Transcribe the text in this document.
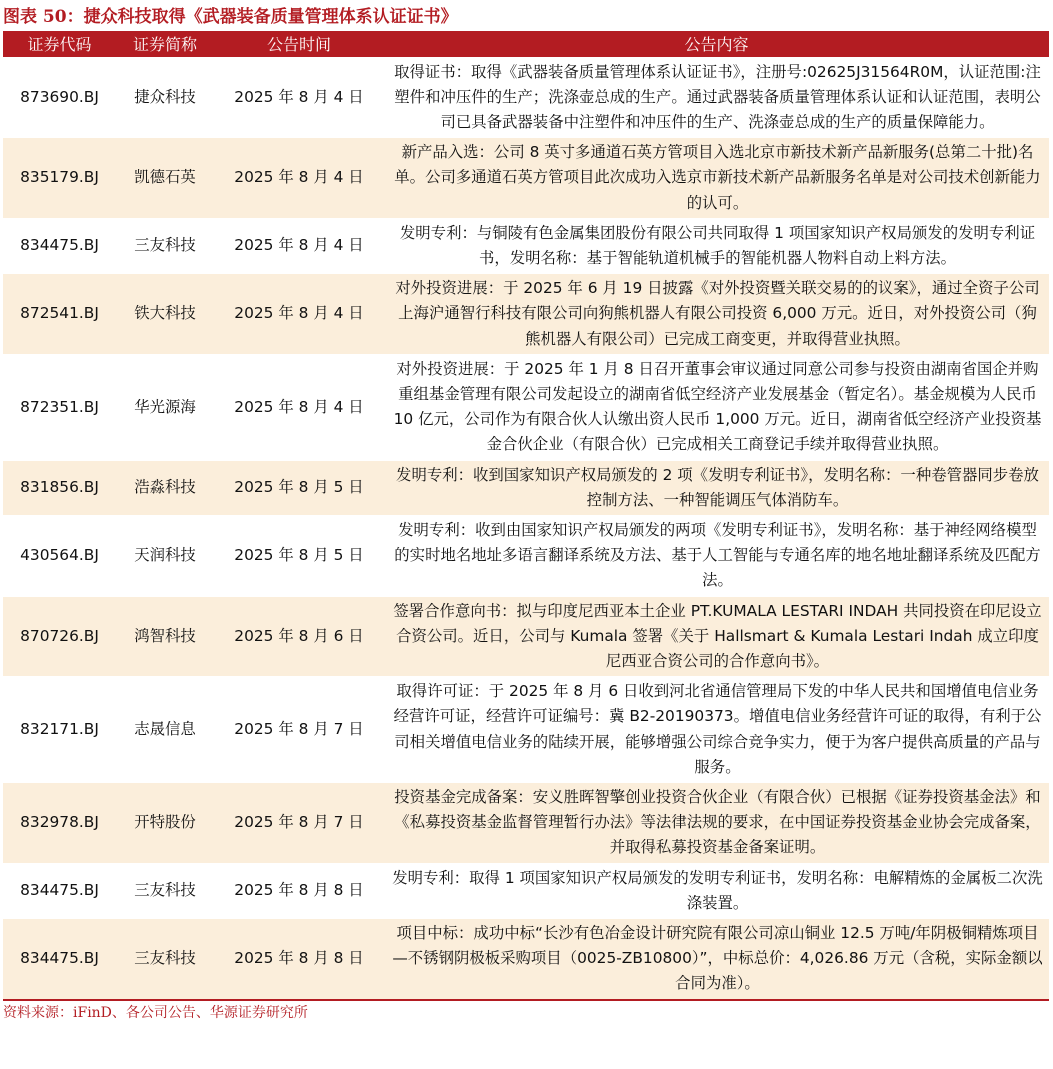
图表 50：捷众科技取得《武器装备质量管理体系认证证书》
证券代码	证券简称	公告时间	公告内容
873690.BJ	捷众科技	2025 年 8 月 4 日	取得证书：取得《武器装备质量管理体系认证证书》，注册号:02625J31564R0M，认证范围:注塑件和冲压件的生产；洗涤壶总成的生产。通过武器装备质量管理体系认证和认证范围，表明公司已具备武器装备中注塑件和冲压件的生产、洗涤壶总成的生产的质量保障能力。
835179.BJ	凯德石英	2025 年 8 月 4 日	新产品入选：公司 8 英寸多通道石英方管项目入选北京市新技术新产品新服务(总第二十批)名单。公司多通道石英方管项目此次成功入选京市新技术新产品新服务名单是对公司技术创新能力的认可。
834475.BJ	三友科技	2025 年 8 月 4 日	发明专利：与铜陵有色金属集团股份有限公司共同取得 1 项国家知识产权局颁发的发明专利证书，发明名称：基于智能轨道机械手的智能机器人物料自动上料方法。
872541.BJ	铁大科技	2025 年 8 月 4 日	对外投资进展：于 2025 年 6 月 19 日披露《对外投资暨关联交易的的议案》，通过全资子公司上海沪通智行科技有限公司向狗熊机器人有限公司投资 6,000 万元。近日，对外投资公司（狗熊机器人有限公司）已完成工商变更，并取得营业执照。
872351.BJ	华光源海	2025 年 8 月 4 日	对外投资进展：于 2025 年 1 月 8 日召开董事会审议通过同意公司参与投资由湖南省国企并购重组基金管理有限公司发起设立的湖南省低空经济产业发展基金（暂定名）。基金规模为人民币 10 亿元，公司作为有限合伙人认缴出资人民币 1,000 万元。近日，湖南省低空经济产业投资基金合伙企业（有限合伙）已完成相关工商登记手续并取得营业执照。
831856.BJ	浩淼科技	2025 年 8 月 5 日	发明专利：收到国家知识产权局颁发的 2 项《发明专利证书》，发明名称：一种卷管器同步卷放控制方法、一种智能调压气体消防车。
430564.BJ	天润科技	2025 年 8 月 5 日	发明专利：收到由国家知识产权局颁发的两项《发明专利证书》，发明名称：基于神经网络模型的实时地名地址多语言翻译系统及方法、基于人工智能与专通名库的地名地址翻译系统及匹配方法。
870726.BJ	鸿智科技	2025 年 8 月 6 日	签署合作意向书：拟与印度尼西亚本土企业 PT.KUMALA LESTARI INDAH 共同投资在印尼设立合资公司。近日，公司与 Kumala 签署《关于 Hallsmart & Kumala Lestari Indah 成立印度尼西亚合资公司的合作意向书》。
832171.BJ	志晟信息	2025 年 8 月 7 日	取得许可证：于 2025 年 8 月 6 日收到河北省通信管理局下发的中华人民共和国增值电信业务经营许可证，经营许可证编号：冀 B2-20190373。增值电信业务经营许可证的取得，有利于公司相关增值电信业务的陆续开展，能够增强公司综合竞争实力，便于为客户提供高质量的产品与服务。
832978.BJ	开特股份	2025 年 8 月 7 日	投资基金完成备案：安义胜晖智擎创业投资合伙企业（有限合伙）已根据《证券投资基金法》和《私募投资基金监督管理暂行办法》等法律法规的要求，在中国证券投资基金业协会完成备案，并取得私募投资基金备案证明。
834475.BJ	三友科技	2025 年 8 月 8 日	发明专利：取得 1 项国家知识产权局颁发的发明专利证书，发明名称：电解精炼的金属板二次洗涤装置。
834475.BJ	三友科技	2025 年 8 月 8 日	项目中标：成功中标“长沙有色冶金设计研究院有限公司凉山铜业 12.5 万吨/年阴极铜精炼项目—不锈钢阴极板采购项目（0025-ZB10800）”，中标总价：4,026.86 万元（含税，实际金额以合同为准）。
资料来源：iFinD、各公司公告、华源证券研究所
